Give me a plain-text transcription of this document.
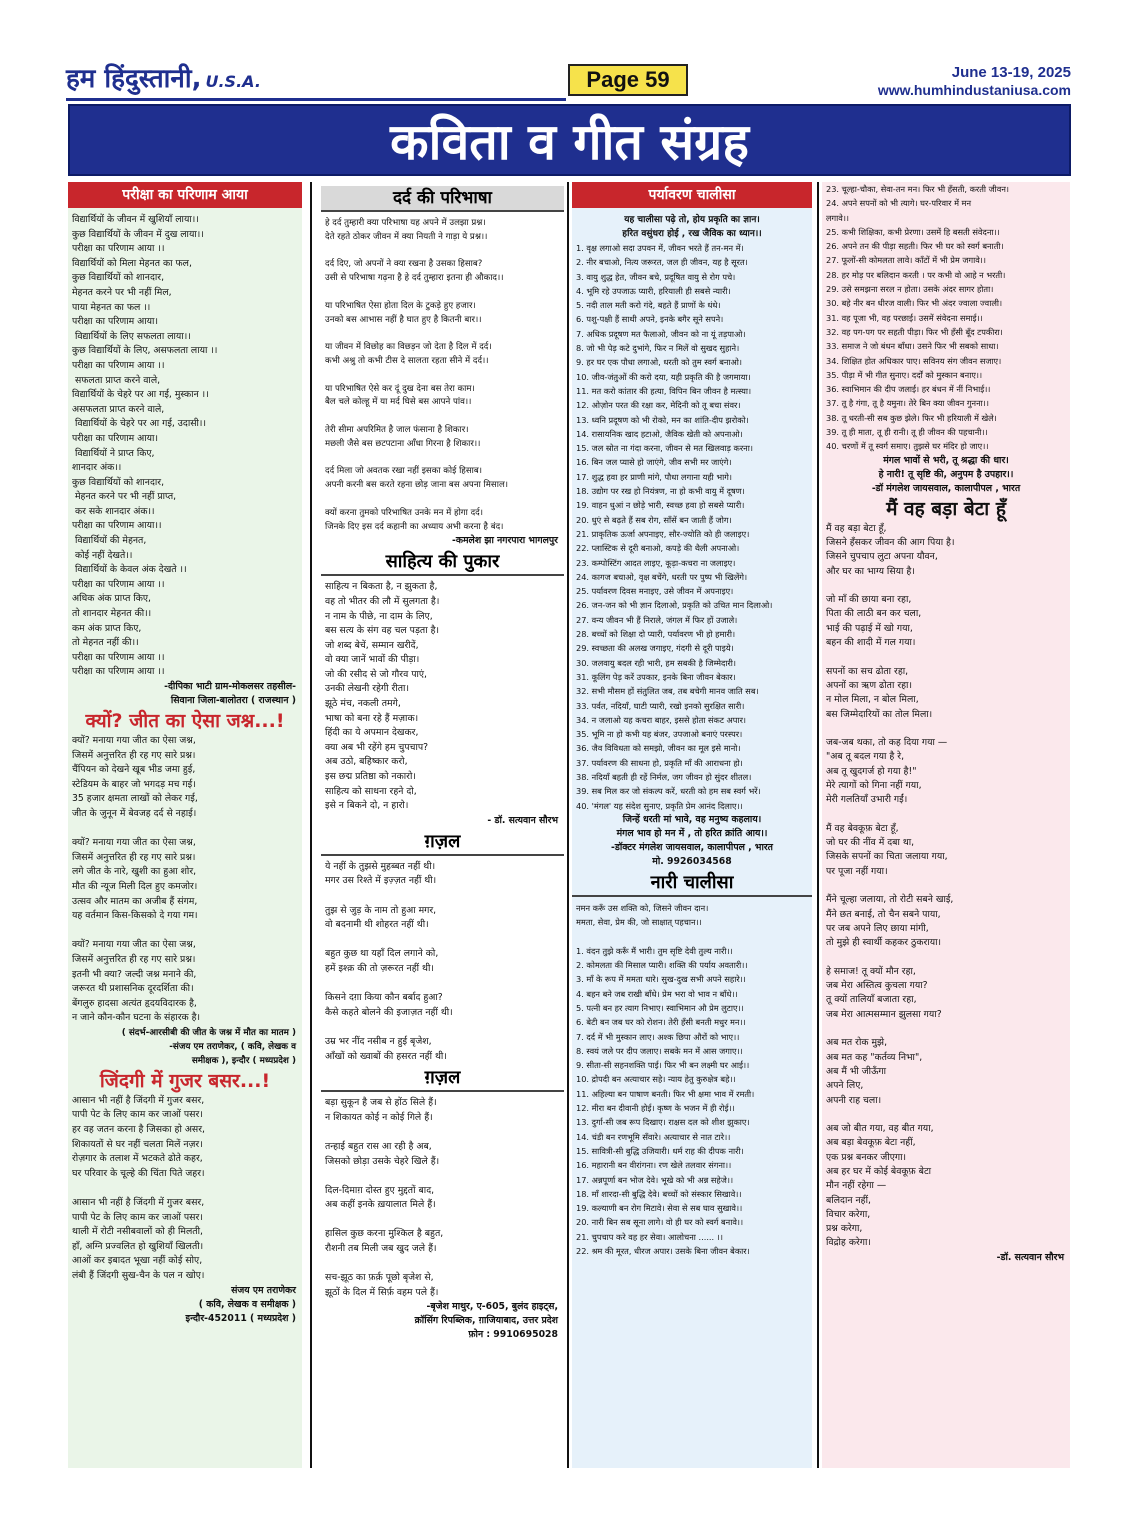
हम हिंदुस्तानी, U.S.A.	Page 59	June 13-19, 2025
www.humhindustaniusa.com
कविता व गीत संग्रह
परीक्षा का परिणाम आया
विद्यार्थियों के जीवन में खुशियाँ लाया।।
कुछ विद्यार्थियों के जीवन में दुख लाया।।
परीक्षा का परिणाम आया ।।
विद्यार्थियों को मिला मेहनत का फल,
कुछ विद्यार्थियों को शानदार,
मेहनत करने पर भी नहीं मिल,
पाया मेहनत का फल ।।
परीक्षा का परिणाम आया।
विद्यार्थियों के लिए सफलता लाया।।
कुछ विद्यार्थियों के लिए, असफलता लाया ।।
परीक्षा का परिणाम आया ।।
सफलता प्राप्त करने वाले,
विद्यार्थियों के चेहरे पर आ गई, मुस्कान ।।
असफलता प्राप्त करने वाले,
विद्यार्थियों के चेहरे पर आ गई, उदासी।।
परीक्षा का परिणाम आया।
विद्यार्थियों ने प्राप्त किए,
शानदार अंक।।
कुछ विद्यार्थियों को शानदार,
मेहनत करने पर भी नहीं प्राप्त,
कर सके शानदार अंक।।
परीक्षा का परिणाम आया।।
विद्यार्थियों की मेहनत,
कोई नहीं देखते।।
विद्यार्थियों के केवल अंक देखते ।।
परीक्षा का परिणाम आया ।।
अधिक अंक प्राप्त किए,
तो शानदार मेहनत की।।
कम अंक प्राप्त किए,
तो मेहनत नहीं की।।
परीक्षा का परिणाम आया ।।
परीक्षा का परिणाम आया ।।
-दीपिका भाटी ग्राम-मोकलसर तहसील-
सिवाना जिला-बालोतरा ( राजस्थान )
क्यों? जीत का ऐसा जश्न...!
क्यों? मनाया गया जीत का ऐसा जश्न,
जिसमें अनुत्तरित ही रह गए सारे प्रश्न।
चैंपियन को देखने खूब भीड जमा हुई,
स्टेडियम के बाहर जो भगदड़ मच गई।
35 हजार क्षमता लाखों को लेकर गई,
जीत के जुनून में बेवजह दर्द से नहाई।

क्यों? मनाया गया जीत का ऐसा जश्न,
जिसमें अनुत्तरित ही रह गए सारे प्रश्न।
लगे जीत के नारे, खुशी का हुआ शोर,
मौत की न्यूज मिली दिल हुए कमजोर।
उत्सव और मातम का अजीब हैं संगम,
यह वर्तमान किस-किसको दे गया गम।

क्यों? मनाया गया जीत का ऐसा जश्न,
जिसमें अनुत्तरित ही रह गए सारे प्रश्न।
इतनी भी क्या? जल्दी जश्न मनाने की,
जरूरत थी प्रशासनिक दूरदर्शिता की।
बेंगलुरु हादसा अत्यंत हृदयविदारक है,
न जाने कौन-कौन घटना के संहारक है।
( संदर्भ-आरसीबी की जीत के जश्न में मौत का मातम )
-संजय एम तराणेकर, ( कवि, लेखक व
समीक्षक ), इन्दौर ( मध्यप्रदेश )
जिंदगी में गुजर बसर...!
आसान भी नहीं है जिंदगी में गुजर बसर,
पापी पेट के लिए काम कर जाओं पसर।
हर वह जतन करना है जिसका हो असर,
शिकायतों से घर नहीं चलता मिलें नज़र।
रोज़गार के तलाश में भटकते ढोते कहर,
घर परिवार के चूल्हे की चिंता पिते जहर।

आसान भी नहीं है जिंदगी में गुजर बसर,
पापी पेट के लिए काम कर जाओं पसर।
थाली में रोटी नसीबवालों को ही मिलती,
हाँ, अग्नि प्रज्वलित हो खुशियाँ खिलती।
आओं कर इबादत भूखा नहीं कोई सोए,
लंबी हैं जिंदगी सुख-चैन के पल न खोए।
संजय एम तराणेकर
( कवि, लेखक व समीक्षक )
इन्दौर-452011 ( मध्यप्रदेश )
दर्द की परिभाषा
हे दर्द तुम्हारी क्या परिभाषा यह अपने में उलझा प्रश्न।
देते रहते ठोकर जीवन में क्या नियती ने गाड़ा ये प्रश्न।।

दर्द दिए, जो अपनों ने क्या रखना है उसका हिसाब?
उसी से परिभाषा गढ़ना है हे दर्द तुम्हारा इतना ही औकाद।।

या परिभाषित ऐसा होता दिल के टुकड़े हुए हजार।
उनको बस आभास नहीं है घात हुए है कितनी बार।।

या जीवन में विछोह का विछड़न जो देता है दिल में दर्द।
कभी अश्रु तो कभी टीस दे सालता रहता सीने में दर्द।।

या परिभाषित ऐसे कर दूं दुख देना बस तेरा काम।
बैल चले कोल्हू में या मर्द घिसे बस आपने पांव।।

तेरी सीमा अपरिमित है जाल फंसाना है शिकार।
मछली जैसे बस छटपटाना आँधा गिरना है शिकार।।

दर्द मिला जो अवतक रखा नहीं इसका कोई हिसाब।
अपनी करनी बस करते रहना छोड़ जाना बस अपना मिसाल।

क्यों करना तुमको परिभाषित उनके मन में होगा दर्द।
जिनके दिए इस दर्द कहानी का अध्याय अभी करना है बंद।
-कमलेश झा नगरपारा भागलपुर
साहित्य की पुकार
साहित्य न बिकता है, न झुकता है,
वह तो भीतर की लौ में सुलगता है।
न नाम के पीछे, ना दाम के लिए,
बस सत्य के संग वह चल पड़ता है।
जो शब्द बेचें, सम्मान खरीदें,
वो क्या जानें भावों की पीड़ा।
जो की रसीद से जो गौरव पाएं,
उनकी लेखनी रहेगी रीता।
झूठे मंच, नकली तमगे,
भाषा को बना रहे हैं मज़ाक।
हिंदी का ये अपमान देखकर,
क्या अब भी रहेंगे हम चुपचाप?
अब उठो, बहिष्कार करो,
इस छद्म प्रतिष्ठा को नकारो।
साहित्य को साधना रहने दो,
इसे न बिकने दो, न हारो।
- डॉ. सत्यवान सौरभ
ग़ज़ल
ये नहीं के तुझसे मुहब्बत नहीं थी।
मगर उस रिश्ते में इज़्ज़त नहीं थी।

तुझ से जुड़ के नाम तो हुआ मगर,
वो बदनामी थी शोहरत नहीं थी।

बहुत कुछ था यहाँ दिल लगाने को,
हमें इश्क़ की तो ज़रूरत नहीं थी।

किसने दग़ा किया कौन बर्बाद हुआ?
कैसे कहते बोलने की इजाज़त नहीं थी।

उम्र भर नींद नसीब न हुई बृजेश,
आँखों को ख्वाबों की हसरत नहीं थी।
ग़ज़ल
बड़ा सुकून है जब से होंठ सिले हैं।
न शिकायत कोई न कोई गिले हैं।

तन्हाई बहुत रास आ रही है अब,
जिसको छोड़ा उसके चेहरे खिले हैं।

दिल-दिमाग़ दोस्त हुए मुद्दतों बाद,
अब कहीं इनके ख़यालात मिले हैं।

हासिल कुछ करना मुश्किल है बहुत,
रौशनी तब मिली जब खुद जले हैं।

सच-झूठ का फ़र्क़ पूछो बृजेश से,
झूठों के दिल में सिर्फ़ वहम पले हैं।
-बृजेश माथुर, ए-605, बुलंद हाइट्स,
क्रॉसिंग रिपब्लिक, ग़ाजियाबाद, उत्तर प्रदेश
फ़ोन : 9910695028
पर्यावरण चालीसा
यह चालीसा पढ़े तो, होय प्रकृति का ज्ञान।
हरित वसुंधरा होई , रख जैविक का ध्यान।।
1. वृक्ष लगाओ सदा उपवन में, जीवन भरते हैं तन-मन में।
2. नीर बचाओ, नित्य जरूरत, जल ही जीवन, यह है सूरत।
3. वायु शुद्ध हेत, जीवन बचे, प्रदूषित वायु से रोग पचे।
4. भूमि रहे उपजाऊ प्यारी, हरियाली ही सबसे न्यारी।
5. नदी ताल मती करो गंदे, बहते हैं प्राणों के धंधे।
6. पशु-पक्षी हैं साथी अपने, इनके बगैर सूने सपने।
7. अधिक प्रदूषण मत फैलाओ, जीवन को ना यूं तड़पाओ।
8. जो भी पेड़ कटे दुभांगे, फिर न मिलें वो सुखद सुहाने।
9. हर घर एक पौधा लगाओ, धरती को तुम स्वर्ग बनाओ।
10. जीव-जंतुओं की करो दया, यही प्रकृति की है जगमाया।
11. मत करो कांतार की हत्या, विपिन बिन जीवन है मत्स्या।
12. ओज़ोन परत की रक्षा कर, मेदिनी को तू बचा संवर।
13. ध्वनि प्रदूषण को भी रोको, मन का शांति-दीप झरोको।
14. रासायनिक खाद हटाओ, जैविक खेती को अपनाओ।
15. जल स्रोत ना गंदा करना, जीवन से मत खिलवाड़ करना।
16. बिन जल प्यासे हो जाएंगे, जीव सभी मर जाएंगे।
17. शुद्ध हवा हर प्राणी मांगे, पौधा लगाना यही भागे।
18. उद्योग पर रख हो नियंत्रण, ना हो कभी वायु में दूषण।
19. वाहन धुआं न छोड़े भारी, स्वच्छ हवा हो सबसे प्यारी।
20. धुएं से बढ़ते हैं सब रोग, साँसें बन जाती हैं जोग।
21. प्राकृतिक ऊर्जा अपनाइए, सौर-ज्योति को ही जलाइए।
22. प्लास्टिक से दूरी बनाओ, कपड़े की थैली अपनाओ।
23. कम्पोस्टिंग आदत लाइए, कूड़ा-कचरा ना जलाइए।
24. कागज बचाओ, वृक्ष बचेंगे, धरती पर पुष्प भी खिलेंगे।
25. पर्यावरण दिवस मनाइए, उसे जीवन में अपनाइए।
26. जन-जन को भी ज्ञान दिलाओ, प्रकृति को उचित मान दिलाओ।
27. वन्य जीवन भी हैं निराले, जंगल में फिर हों उजाले।
28. बच्चों को शिक्षा दो प्यारी, पर्यावरण भी हो हमारी।
29. स्वच्छता की अलख जगाइए, गंदगी से दूरी पाइये।
30. जलवायु बदल रही भारी, हम सबकी है जिम्मेदारी।
31. कूलिंग पेड़ करें उपकार, इनके बिना जीवन बेकार।
32. सभी मौसम हों संतुलित जब, तब बचेगी मानव जाति सब।
33. पर्वत, नदियाँ, घाटी प्यारी, रखो इनको सुरक्षित सारी।
34. न जलाओ यह कचरा बाहर, इससे होता संकट अपार।
35. भूमि ना हो कभी यह बंजर, उपजाओ बनाएं परस्पर।
36. जैव विविधता को समझो, जीवन का मूल इसे मानो।
37. पर्यावरण की साधना हो, प्रकृति माँ की आराधना हो।
38. नदियाँ बहती ही रहें निर्मल, जग जीवन हो सुंदर शीतल।
39. सब मिल कर जो संकल्प करें, धरती को हम सब स्वर्ग भरें।
40. 'मंगल' यह संदेश सुनाए, प्रकृति प्रेम आनंद दिलाए।।
जिन्हें धरती मां भावे, वह मनुष्य कहलाय।
मंगल भाव हो मन में , तो हरित क्रांति आय।।
-डॉक्टर मंगलेश जायसवाल, कालापीपल , भारत
मो. 9926034568
नारी चालीसा
नमन करूँ उस शक्ति को, जिसने जीवन दान।
ममता, सेवा, प्रेम की, जो साक्षात् पहचान।।

1. वंदन तुझे करूँ मैं भारी। तुम सृष्टि देवी तुल्य नारी।।
2. कोमलता की मिसाल प्यारी। शक्ति की पर्याय अवतारी।।
3. माँ के रूप में ममता धारे। सुख-दुख सभी अपने सहारे।।
4. बहन बने जब राखी बाँधे। प्रेम भरा वो भाव न बाँधे।।
5. पत्नी बन हर त्याग निभाए। स्वाभिमान औ प्रेम लुटाए।।
6. बेटी बन जब घर को रोशन। तेरी हँसी बनती मधुर मन।।
7. दर्द में भी मुस्कान लाए। अश्क छिपा औरों को भाए।।
8. स्वयं जले पर दीप जलाए। सबके मन में आस जगाए।।
9. सीता-सी सहनशक्ति पाई। फिर भी बन लक्ष्मी घर आई।।
10. द्रोपदी बन अत्याचार सहे। न्याय हेतु कुरुक्षेत्र बहे।।
11. अहिल्या बन पाषाण बनती। फिर भी क्षमा भाव में रमती।
12. मीरा बन दीवानी होई। कृष्ण के भजन में ही रोई।।
13. दुर्गा-सी जब रूप दिखाए। राक्षस दल को शीश झुकाए।
14. चंडी बन रणभूमि सँवारे। अत्याचार से नात टारे।।
15. सावित्री-सी बुद्धि उजियारी। धर्म राह की दीपक नारी।
16. महारानी बन वीरांगना। रण खेले तलवार संगना।।
17. अन्नपूर्णा बन भोज देवे। भूखे को भी अन्न सहेजे।।
18. माँ शारदा-सी बुद्धि देवे। बच्चों को संस्कार सिखावे।।
19. कल्याणी बन रोग मिटावे। सेवा से सब घाव सुखावे।।
20. नारी बिन सब सूना लागे। वो ही घर को स्वर्ग बनावे।।
21. चुपचाप करे वह हर सेवा। आलोचना ...... ।।
22. श्रम की मूरत, धीरज अपार। उसके बिना जीवन बेकार।
23. चूल्हा-चौका, सेवा-तन मन। फिर भी हँसती, करती जीवन।
24. अपने सपनों को भी त्यागे। घर-परिवार में मन
लगावे।।
25. कभी शिक्षिका, कभी प्रेरणा। उसमें हि बसती संवेदना।।
26. अपने तन की पीड़ा सहती। फिर भी घर को स्वर्ग बनाती।
27. फूलों-सी कोमलता लावे। काँटों में भी प्रेम जगावे।।
28. हर मोड़ पर बलिदान करती । पर कभी वो आहे न भरती।
29. उसे समझना सरल न होता। उसके अंदर सागर होता।
30. बहे नीर बन धीरज वाली। फिर भी अंदर ज्वाला ज्वाली।
31. वह पूजा भी, वह परछाई। उसमें संवेदना समाई।।
32. वह पग-पग पर सहती पीड़ा। फिर भी हँसी बूँद टपकीरा।
33. समाज ने जो बंधन बाँधा। उसने फिर भी सबको साधा।
34. शिक्षित होत अधिकार पाए। सविनय संग जीवन सजाए।
35. पीड़ा में भी गीत सुनाए। दर्दों को मुस्कान बनाए।।
36. स्वाभिमान की दीप जलाई। हर बंधन में नीं निभाई।।
37. तू है गंगा, तू है यमुना। तेरे बिन क्या जीवन गुनना।।
38. तू धरती-सी सब कुछ झेले। फिर भी हरियाली में खेले।
39. तू ही माता, तू ही रानी। तू ही जीवन की पहचानी।।
40. चरणों में तू स्वर्ग समाए। तुझसे घर मंदिर हो जाए।।
मंगल भावों से भरी, तू श्रद्धा की धार।
हे नारी! तू सृष्टि की, अनुपम है उपहार।।
-डॉ मंगलेश जायसवाल, कालापीपल , भारत
मैं वह बड़ा बेटा हूँ
मैं वह बड़ा बेटा हूँ,
जिसने हँसकर जीवन की आग पिया है।
जिसने चुपचाप लुटा अपना यौवन,
और घर का भाग्य सिया है।

जो माँ की छाया बना रहा,
पिता की लाठी बन कर चला,
भाई की पढ़ाई में खो गया,
बहन की शादी में गल गया।

सपनों का सच ढोता रहा,
अपनों का ऋण ढोता रहा।
न मोल मिला, न बोल मिला,
बस जिम्मेदारियों का तोल मिला।

जब-जब थका, तो कह दिया गया —
"अब तू बदल गया है रे,
अब तू खुदगर्ज हो गया है!"
मेरे त्यागों को गिना नहीं गया,
मेरी गलतियाँ उभारी गईं।

मैं वह बेवकूफ़ बेटा हूँ,
जो घर की नींव में दबा था,
जिसके सपनों का चिता जलाया गया,
पर पूजा नहीं गया।

मैंने चूल्हा जलाया, तो रोटी सबने खाई,
मैंने छत बनाई, तो चैन सबने पाया,
पर जब अपने लिए छाया मांगी,
तो मुझे ही स्वार्थी कहकर ठुकराया।

हे समाज! तू क्यों मौन रहा,
जब मेरा अस्तित्व कुचला गया?
तू क्यों तालियाँ बजाता रहा,
जब मेरा आत्मसम्मान झुलसा गया?

अब मत रोक मुझे,
अब मत कह "कर्तव्य निभा",
अब मैं भी जीऊँगा
अपने लिए,
अपनी राह चला।

अब जो बीत गया, वह बीत गया,
अब बड़ा बेवकूफ़ बेटा नहीं,
एक प्रश्न बनकर जीएगा।
अब हर घर में कोई बेवकूफ़ बेटा
मौन नहीं रहेगा —
बलिदान नहीं,
विचार करेगा,
प्रश्न करेगा,
विद्रोह करेगा।
-डॉ. सत्यवान सौरभ
